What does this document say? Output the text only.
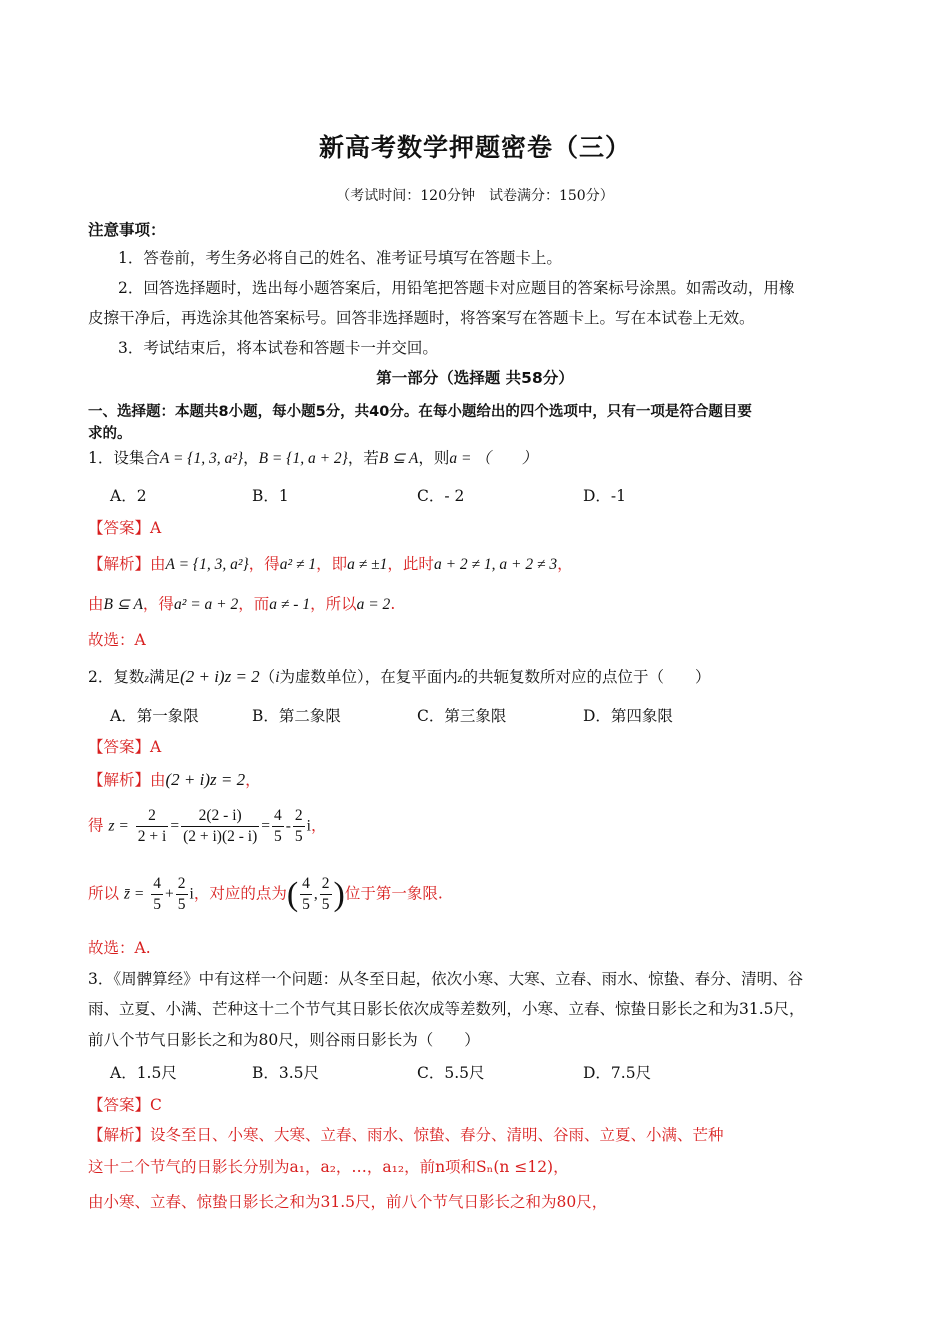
新高考数学押题密卷（三）
（考试时间：120分钟　试卷满分：150分）
注意事项：
1．答卷前，考生务必将自己的姓名、准考证号填写在答题卡上。
2．回答选择题时，选出每小题答案后，用铅笔把答题卡对应题目的答案标号涂黑。如需改动，用橡
皮擦干净后，再选涂其他答案标号。回答非选择题时，将答案写在答题卡上。写在本试卷上无效。
3．考试结束后，将本试卷和答题卡一并交回。
第一部分（选择题 共58分）
一、选择题：本题共8小题，每小题5分，共40分。在每小题给出的四个选项中，只有一项是符合题目要
求的。
1．设集合A = {1, 3, a²}，B = {1, a + 2}，若B ⊆ A，则a = （　　）
A．2	B．1	C．- 2	D．-1
【答案】A
【解析】由A = {1, 3, a²}，得a² ≠ 1，即a ≠ ±1，此时a + 2 ≠ 1, a + 2 ≠ 3，
由B ⊆ A，得a² = a + 2，而a ≠ - 1，所以a = 2.
故选：A
2．复数z满足(2 + i)z = 2（i为虚数单位），在复平面内z的共轭复数所对应的点位于（　　）
A．第一象限	B．第二象限	C．第三象限	D．第四象限
【答案】A
【解析】由(2 + i)z = 2，
得 $z = \frac{2}{2 + i} = \frac{2(2 - i)}{(2 + i)(2 - i)} = \frac{4}{5} - \frac{2}{5}$ i，
所以 z̄ = $\frac{4}{5} + \frac{2}{5}$ i，对应的点为( $\frac{4}{5}$ , $\frac{2}{5}$ )位于第一象限.
故选：A.
3．《周髀算经》中有这样一个问题：从冬至日起，依次小寒、大寒、立春、雨水、惊蛰、春分、清明、谷
雨、立夏、小满、芒种这十二个节气其日影长依次成等差数列，小寒、立春、惊蛰日影长之和为31.5尺，
前八个节气日影长之和为80尺，则谷雨日影长为（　　）
A．1.5尺	B．3.5尺	C．5.5尺	D．7.5尺
【答案】C
【解析】设冬至日、小寒、大寒、立春、雨水、惊蛰、春分、清明、谷雨、立夏、小满、芒种
这十二个节气的日影长分别为a₁，a₂，…，a₁₂，前n项和Sₙ(n ≤12)，
由小寒、立春、惊蛰日影长之和为31.5尺，前八个节气日影长之和为80尺，
